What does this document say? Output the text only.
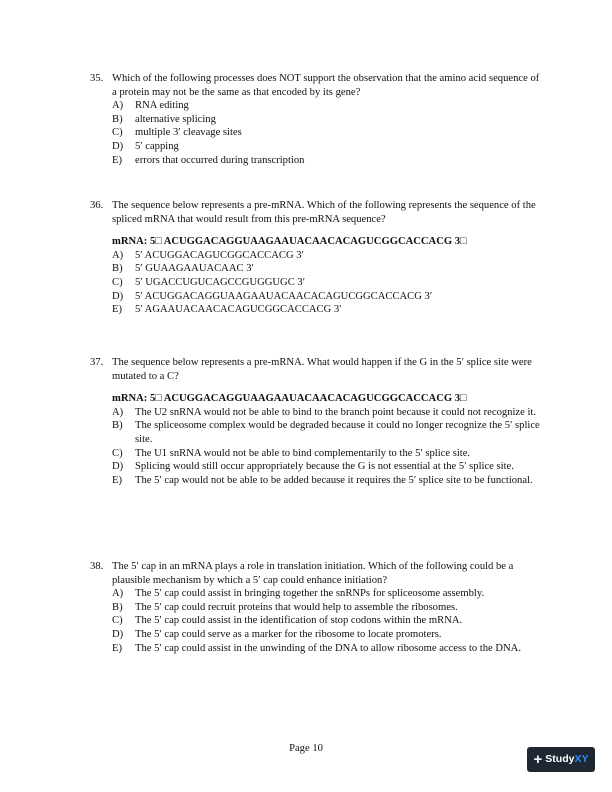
35. Which of the following processes does NOT support the observation that the amino acid sequence of a protein may not be the same as that encoded by its gene?
A)	RNA editing
B)	alternative splicing
C)	multiple 3′ cleavage sites
D)	5′ capping
E)	errors that occurred during transcription
36. The sequence below represents a pre-mRNA. Which of the following represents the sequence of the spliced mRNA that would result from this pre-mRNA sequence?
mRNA: 5□ ACUGGACAGGUAAGAAUACAACACAGUCGGCACCACG 3□
A)	5′ ACUGGACAGUCGGCACCACG 3′
B)	5′ GUAAGAAUACAAC 3′
C)	5′ UGACCUGUCAGCCGUGGUGC 3′
D)	5′ ACUGGACAGGUAAGAAUACAACACAGUCGGCACCACG 3′
E)	5′ AGAAUACAACACAGUCGGCACCACG 3′
37. The sequence below represents a pre-mRNA. What would happen if the G in the 5′ splice site were mutated to a C?
mRNA: 5□ ACUGGACAGGUAAGAAUACAACACAGUCGGCACCACG 3□
A)	The U2 snRNA would not be able to bind to the branch point because it could not recognize it.
B)	The spliceosome complex would be degraded because it could no longer recognize the 5′ splice site.
C)	The U1 snRNA would not be able to bind complementarily to the 5′ splice site.
D)	Splicing would still occur appropriately because the G is not essential at the 5′ splice site.
E)	The 5′ cap would not be able to be added because it requires the 5′ splice site to be functional.
38. The 5′ cap in an mRNA plays a role in translation initiation. Which of the following could be a plausible mechanism by which a 5′ cap could enhance initiation?
A)	The 5′ cap could assist in bringing together the snRNPs for spliceosome assembly.
B)	The 5′ cap could recruit proteins that would help to assemble the ribosomes.
C)	The 5′ cap could assist in the identification of stop codons within the mRNA.
D)	The 5′ cap could serve as a marker for the ribosome to locate promoters.
E)	The 5′ cap could assist in the unwinding of the DNA to allow ribosome access to the DNA.
Page 10
+ Study XY
